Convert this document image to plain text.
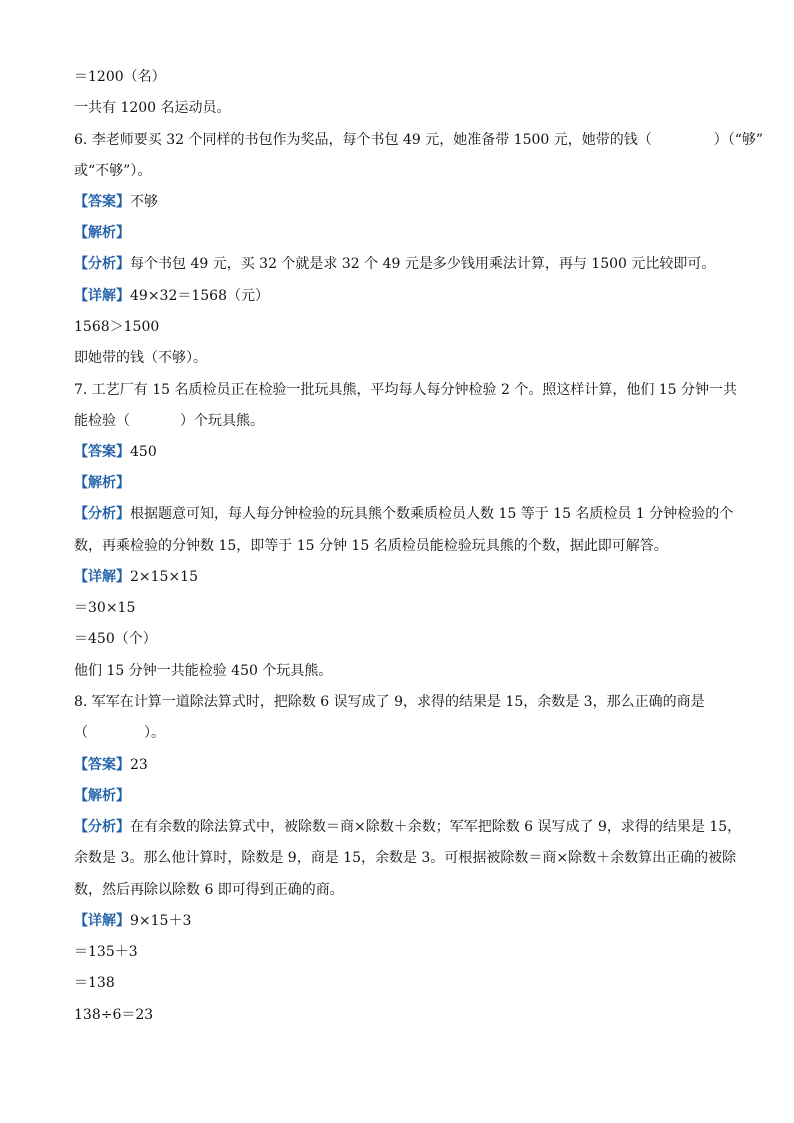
＝1200（名）
一共有 1200 名运动员。
6. 李老师要买 32 个同样的书包作为奖品，每个书包 49 元，她准备带 1500 元，她带的钱（	）（“够”
或“不够”）。
【答案】不够
【解析】
【分析】每个书包 49 元，买 32 个就是求 32 个 49 元是多少钱用乘法计算，再与 1500 元比较即可。
【详解】49×32＝1568（元）
1568＞1500
即她带的钱（不够）。
7. 工艺厂有 15 名质检员正在检验一批玩具熊，平均每人每分钟检验 2 个。照这样计算，他们 15 分钟一共
能检验（	）个玩具熊。
【答案】450
【解析】
【分析】根据题意可知，每人每分钟检验的玩具熊个数乘质检员人数 15 等于 15 名质检员 1 分钟检验的个
数，再乘检验的分钟数 15，即等于 15 分钟 15 名质检员能检验玩具熊的个数，据此即可解答。
【详解】2×15×15
＝30×15
＝450（个）
他们 15 分钟一共能检验 450 个玩具熊。
8. 军军在计算一道除法算式时，把除数 6 误写成了 9，求得的结果是 15，余数是 3，那么正确的商是
（	）。
【答案】23
【解析】
【分析】在有余数的除法算式中，被除数＝商×除数＋余数；军军把除数 6 误写成了 9，求得的结果是 15，
余数是 3。那么他计算时，除数是 9，商是 15，余数是 3。可根据被除数＝商×除数＋余数算出正确的被除
数，然后再除以除数 6 即可得到正确的商。
【详解】9×15＋3
＝135＋3
＝138
138÷6＝23
